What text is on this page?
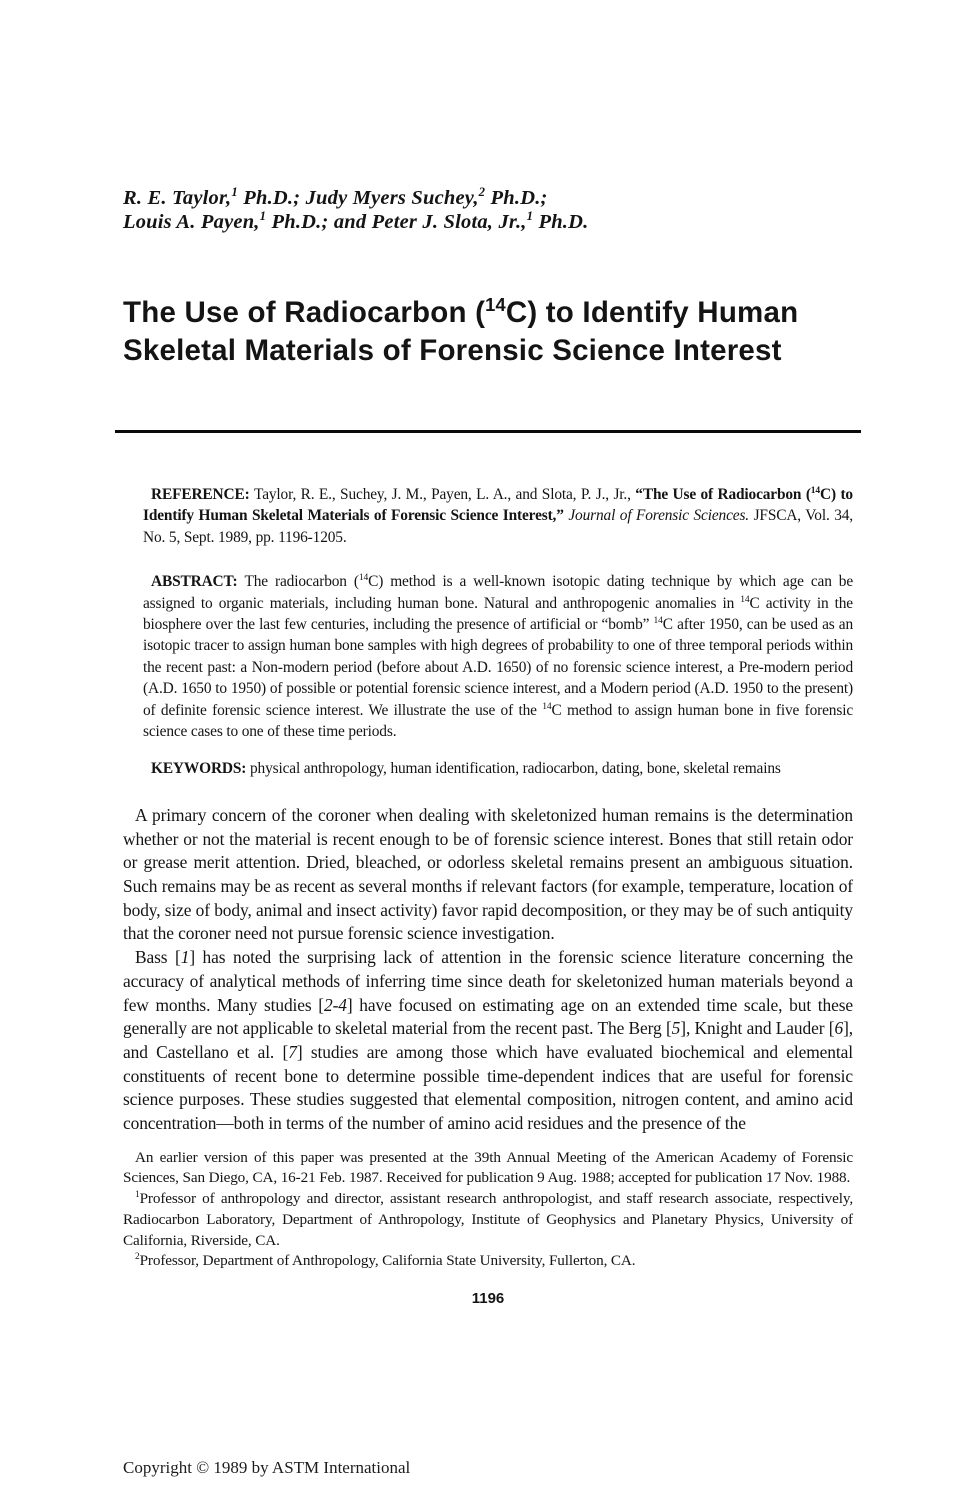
R. E. Taylor,$^1$ Ph.D.; Judy Myers Suchey,$^2$ Ph.D.;

Louis A. Payen,$^1$ Ph.D.; and Peter J. Slota, Jr.,$^1$ Ph.D.

The Use of Radiocarbon ($^{14}$C) to Identify Human

Skeletal Materials of Forensic Science Interest

REFERENCE: Taylor, R. E., Suchey, J. M., Payen, L. A., and Slota, P. J., Jr., “The Use of Radiocarbon ($^{14}$C) to Identify Human Skeletal Materials of Forensic Science Interest,” Journal of Forensic Sciences. JFSCA, Vol. 34, No. 5, Sept. 1989, pp. 1196-1205.

ABSTRACT: The radiocarbon ($^{14}$C) method is a well-known isotopic dating technique by which age can be assigned to organic materials, including human bone. Natural and anthropogenic anomalies in $^{14}$C activity in the biosphere over the last few centuries, including the presence of artificial or “bomb” $^{14}$C after 1950, can be used as an isotopic tracer to assign human bone samples with high degrees of probability to one of three temporal periods within the recent past: a Non-modern period (before about A.D. 1650) of no forensic science interest, a Pre-modern period (A.D. 1650 to 1950) of possible or potential forensic science interest, and a Modern period (A.D. 1950 to the present) of definite forensic science interest. We illustrate the use of the $^{14}$C method to assign human bone in five forensic science cases to one of these time periods.

KEYWORDS: physical anthropology, human identification, radiocarbon, dating, bone, skeletal remains

A primary concern of the coroner when dealing with skeletonized human remains is the determination whether or not the material is recent enough to be of forensic science interest. Bones that still retain odor or grease merit attention. Dried, bleached, or odorless skeletal remains present an ambiguous situation. Such remains may be as recent as several months if relevant factors (for example, temperature, location of body, size of body, animal and insect activity) favor rapid decomposition, or they may be of such antiquity that the coroner need not pursue forensic science investigation.

Bass [1] has noted the surprising lack of attention in the forensic science literature concerning the accuracy of analytical methods of inferring time since death for skeletonized human materials beyond a few months. Many studies [2-4] have focused on estimating age on an extended time scale, but these generally are not applicable to skeletal material from the recent past. The Berg [5], Knight and Lauder [6], and Castellano et al. [7] studies are among those which have evaluated biochemical and elemental constituents of recent bone to determine possible time-dependent indices that are useful for forensic science purposes. These studies suggested that elemental composition, nitrogen content, and amino acid concentration—both in terms of the number of amino acid residues and the presence of the

An earlier version of this paper was presented at the 39th Annual Meeting of the American Academy of Forensic Sciences, San Diego, CA, 16-21 Feb. 1987. Received for publication 9 Aug. 1988; accepted for publication 17 Nov. 1988.

$^1$Professor of anthropology and director, assistant research anthropologist, and staff research associate, respectively, Radiocarbon Laboratory, Department of Anthropology, Institute of Geophysics and Planetary Physics, University of California, Riverside, CA.

$^2$Professor, Department of Anthropology, California State University, Fullerton, CA.

1196
Copyright © 1989 by ASTM International
